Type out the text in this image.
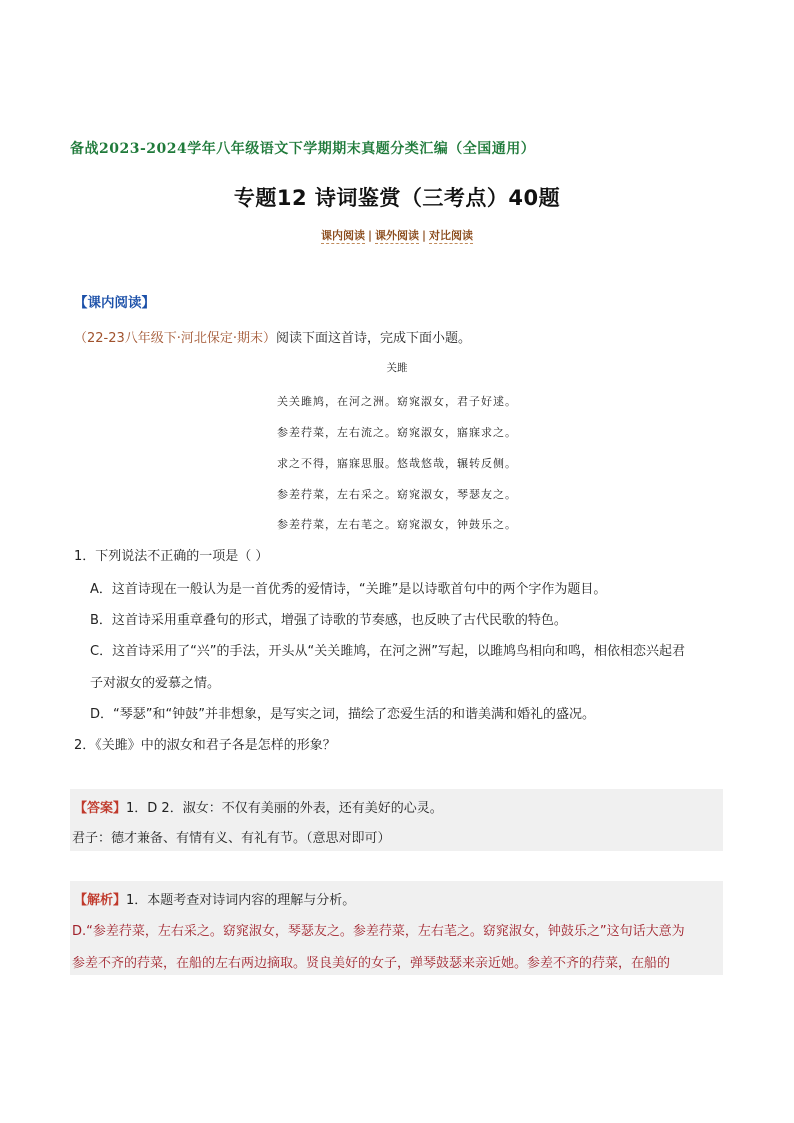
备战2023-2024学年八年级语文下学期期末真题分类汇编（全国通用）
专题12 诗词鉴赏（三考点）40题
课内阅读 | 课外阅读 | 对比阅读
【课内阅读】
（22-23八年级下·河北保定·期末）阅读下面这首诗，完成下面小题。
关雎
关关雎鸠，在河之洲。窈窕淑女，君子好逑。
参差荇菜，左右流之。窈窕淑女，寤寐求之。
求之不得，寤寐思服。悠哉悠哉，辗转反侧。
参差荇菜，左右采之。窈窕淑女，琴瑟友之。
参差荇菜，左右芼之。窈窕淑女，钟鼓乐之。
1．下列说法不正确的一项是（ ）
A．这首诗现在一般认为是一首优秀的爱情诗，“关雎”是以诗歌首句中的两个字作为题目。
B．这首诗采用重章叠句的形式，增强了诗歌的节奏感，也反映了古代民歌的特色。
C．这首诗采用了“兴”的手法，开头从“关关雎鸠，在河之洲”写起，以雎鸠鸟相向和鸣，相依相恋兴起君
子对淑女的爱慕之情。
D．“琴瑟”和“钟鼓”并非想象，是写实之词，描绘了恋爱生活的和谐美满和婚礼的盛况。
2．《关雎》中的淑女和君子各是怎样的形象？
【答案】1．D 2．淑女：不仅有美丽的外表，还有美好的心灵。
君子：德才兼备、有情有义、有礼有节。（意思对即可）
【解析】1．本题考查对诗词内容的理解与分析。
D.“参差荇菜，左右采之。窈窕淑女，琴瑟友之。参差荇菜，左右芼之。窈窕淑女，钟鼓乐之”这句话大意为
参差不齐的荇菜，在船的左右两边摘取。贤良美好的女子，弹琴鼓瑟来亲近她。参差不齐的荇菜，在船的
